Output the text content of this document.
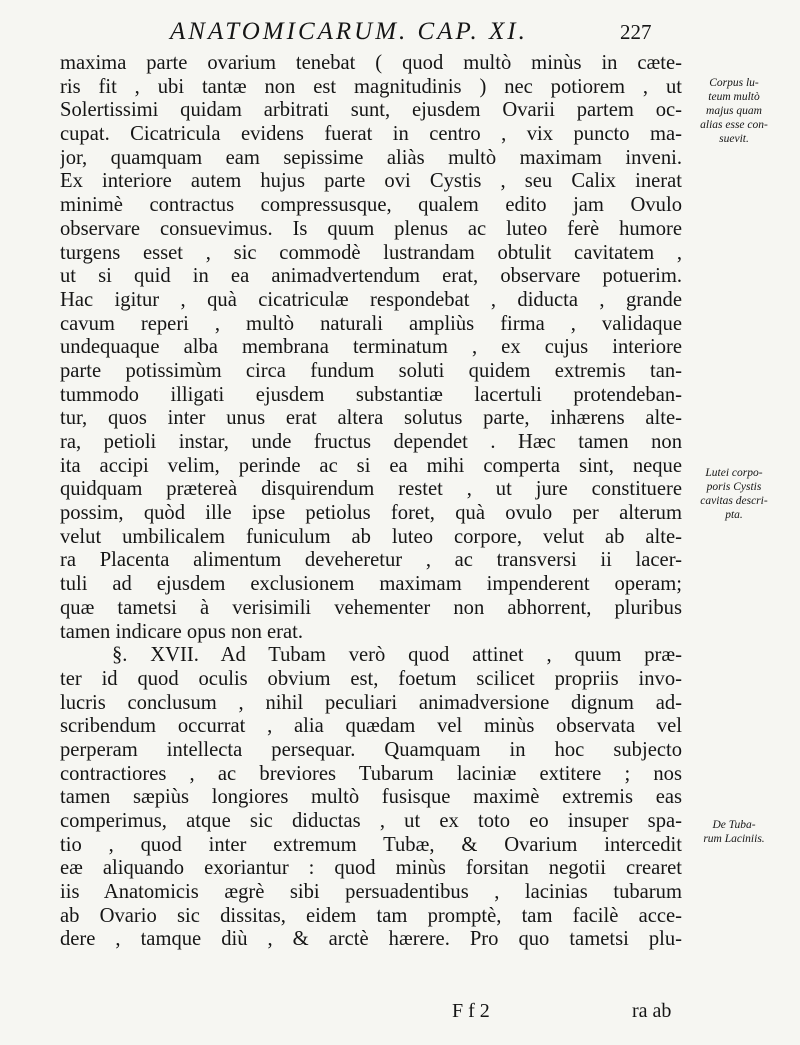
ANATOMICARUM. CAP. XI.	227
maxima parte ovarium tenebat ( quod multò minùs in cæte-
ris fit , ubi tantæ non est magnitudinis ) nec potiorem , ut
Solertissimi quidam arbitrati sunt, ejusdem Ovarii partem oc-
cupat. Cicatricula evidens fuerat in centro , vix puncto ma-
jor, quamquam eam sepissime aliàs multò maximam inveni.
Ex interiore autem hujus parte ovi Cystis , seu Calix inerat
minimè contractus compressusque, qualem edito jam Ovulo
observare consuevimus. Is quum plenus ac luteo ferè humore
turgens esset , sic commodè lustrandam obtulit cavitatem ,
ut si quid in ea animadvertendum erat, observare potuerim.
Hac igitur , quà cicatriculæ respondebat , diducta , grande
cavum reperi , multò naturali ampliùs firma , validaque
undequaque alba membrana terminatum , ex cujus interiore
parte potissimùm circa fundum soluti quidem extremis tan-
tummodo illigati ejusdem substantiæ lacertuli protendeban-
tur, quos inter unus erat altera solutus parte, inhærens alte-
ra, petioli instar, unde fructus dependet . Hæc tamen non
ita accipi velim, perinde ac si ea mihi comperta sint, neque
quidquam prætereà disquirendum restet , ut jure constituere
possim, quòd ille ipse petiolus foret, quà ovulo per alterum
velut umbilicalem funiculum ab luteo corpore, velut ab alte-
ra Placenta alimentum deveheretur , ac transversi ii lacer-
tuli ad ejusdem exclusionem maximam impenderent operam;
quæ tametsi à verisimili vehementer non abhorrent, pluribus
tamen indicare opus non erat.
§. XVII. Ad Tubam verò quod attinet , quum præ-
ter id quod oculis obvium est, foetum scilicet propriis invo-
lucris conclusum , nihil peculiari animadversione dignum ad-
scribendum occurrat , alia quædam vel minùs observata vel
perperam intellecta persequar. Quamquam in hoc subjecto
contractiores , ac breviores Tubarum laciniæ extitere ; nos
tamen sæpiùs longiores multò fusisque maximè extremis eas
comperimus, atque sic diductas , ut ex toto eo insuper spa-
tio , quod inter extremum Tubæ, & Ovarium intercedit
eæ aliquando exoriantur : quod minùs forsitan negotii crearet
iis Anatomicis ægrè sibi persuadentibus , lacinias tubarum
ab Ovario sic dissitas, eidem tam promptè, tam facilè acce-
dere , tamque diù , & arctè hærere. Pro quo tametsi plu-
Corpus lu-
teum multò
majus quam
alias esse con-
suevit.
Lutei corpo-
poris Cystis
cavitas descri-
pta.
De Tuba-
rum Laciniis.
F f 2	ra ab
